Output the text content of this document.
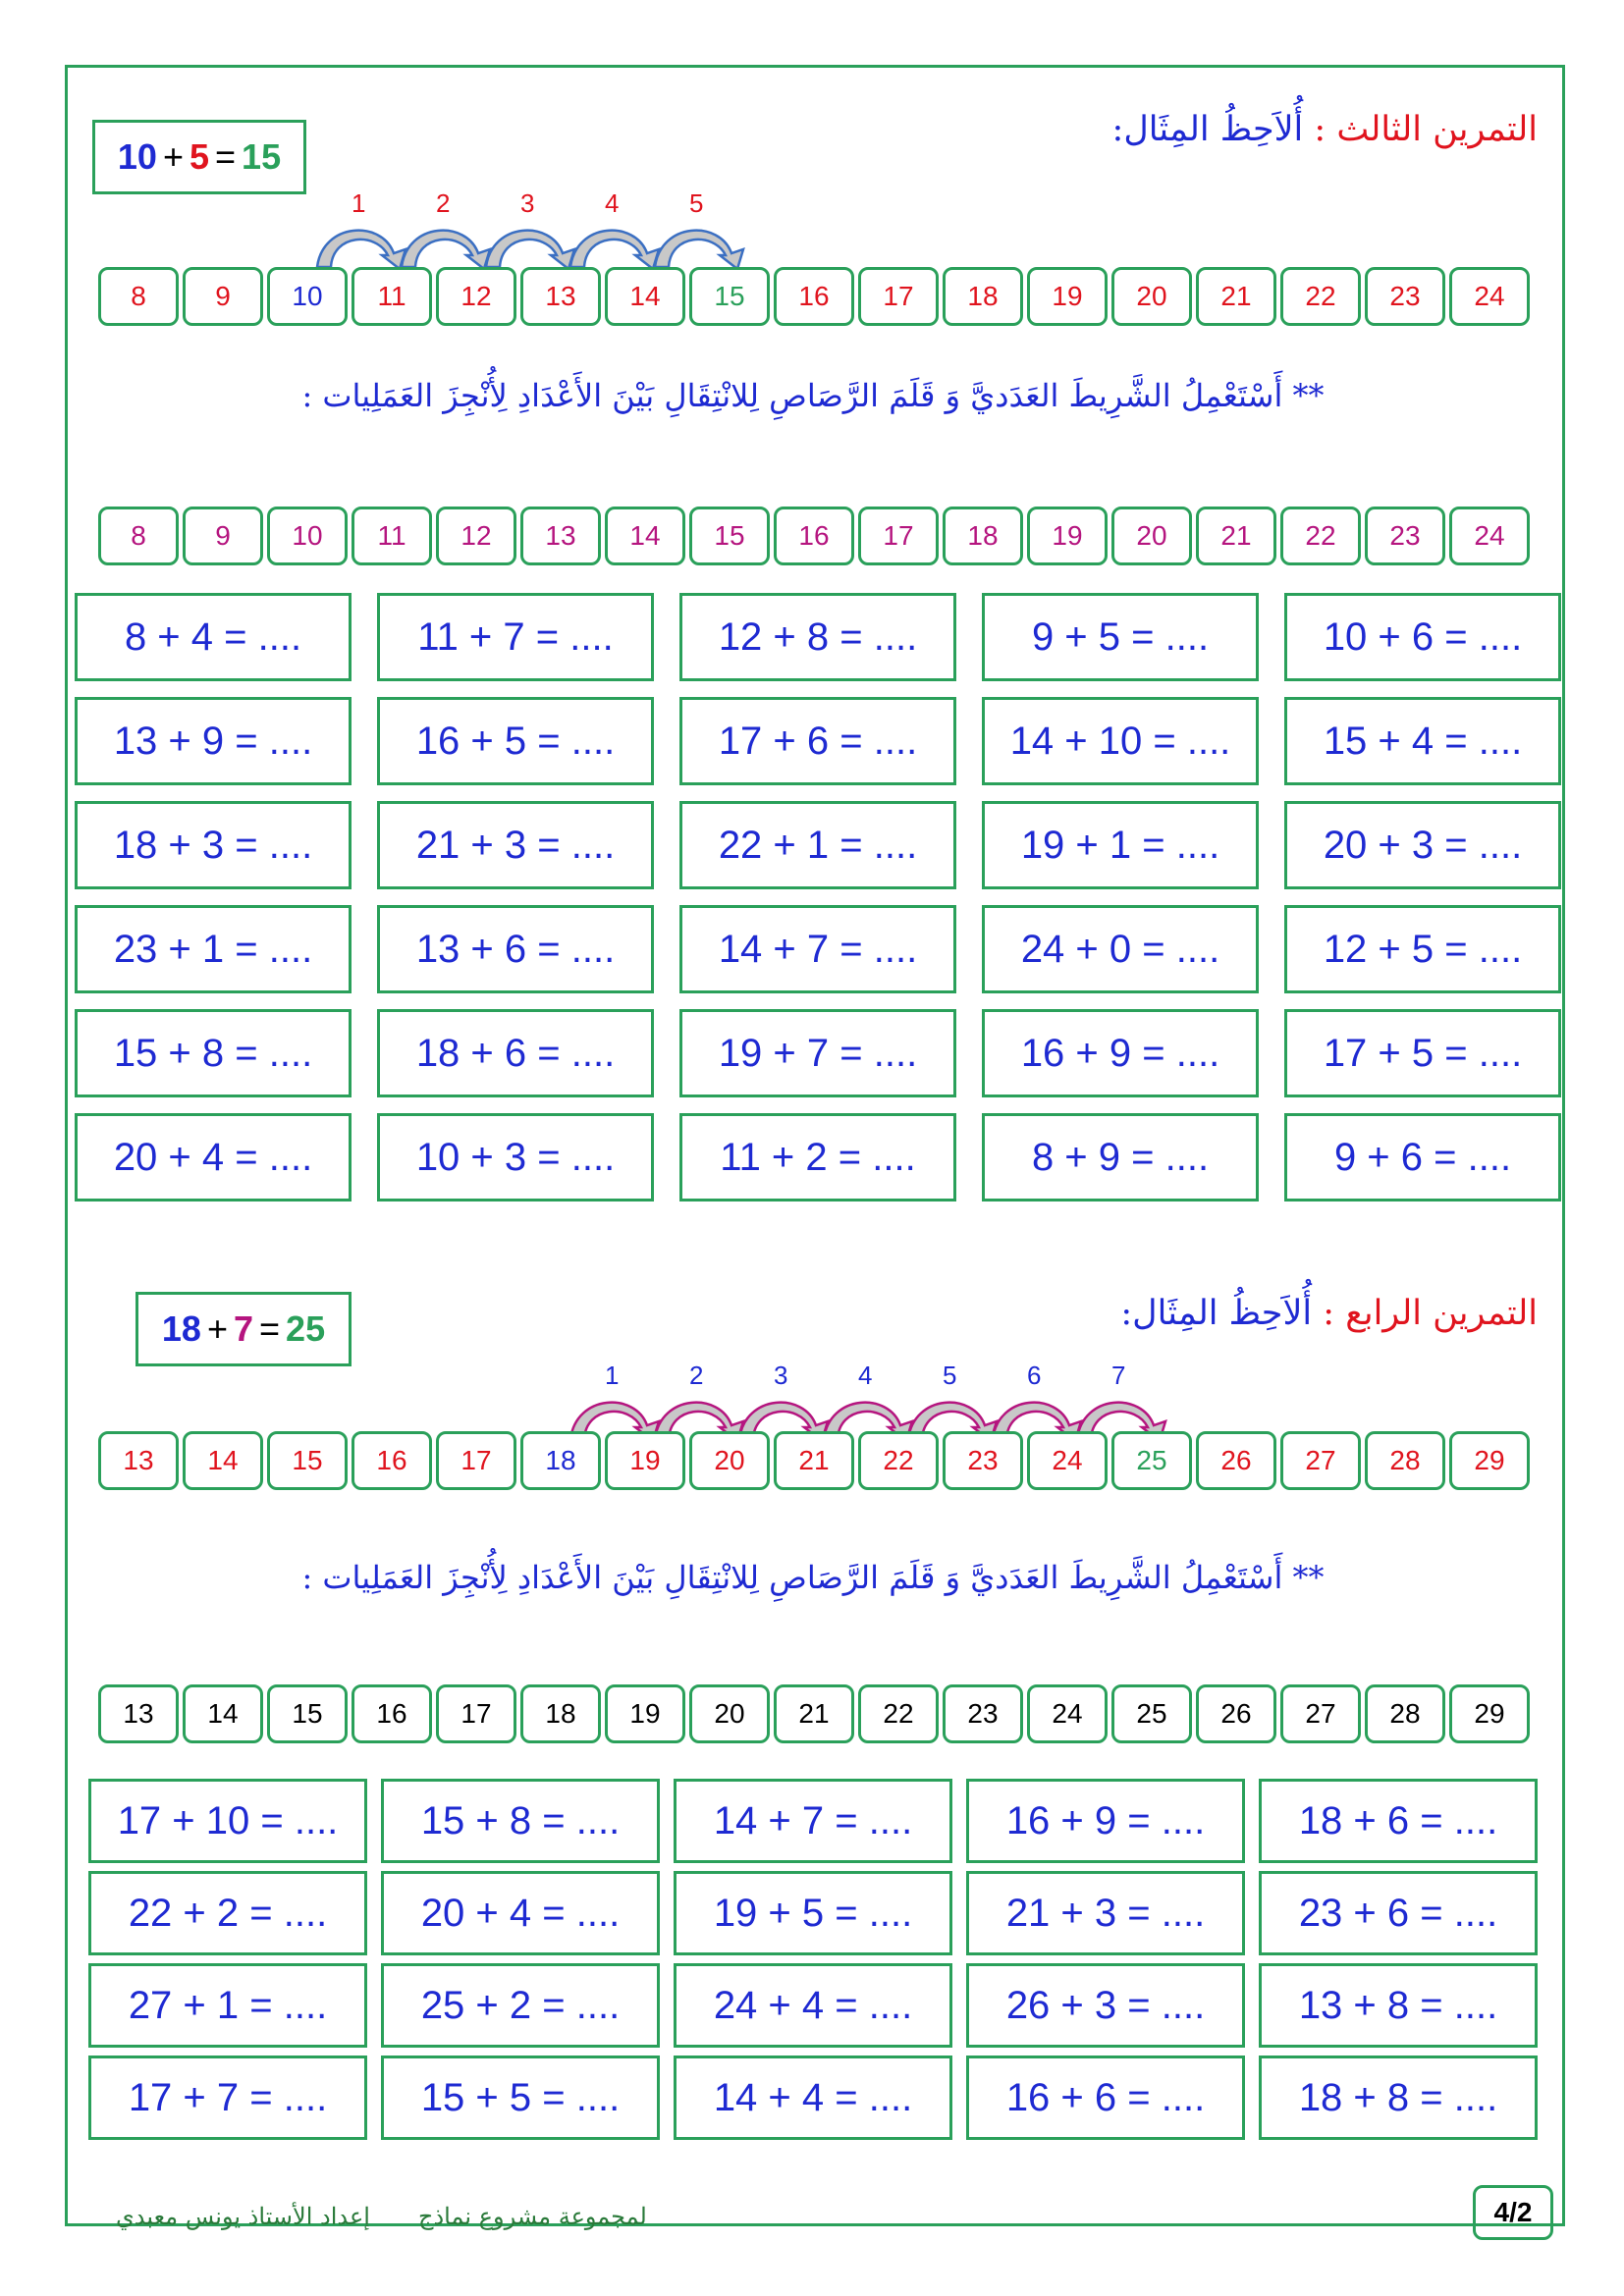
التمرين الثالث : أُلاَحِظُ المِثَال:
10 + 5 = 15
1	2	3	4	5
8	9	10	11	12	13	14	15	16	17	18	19	20	21	22	23	24
** أَسْتَعْمِلُ الشَّرِيطَ العَدَديَّ وَ قَلَمَ الرَّصَاصِ لِلانْتِقَالِ بَيْنَ الأَعْدَادِ لِأُنْجِزَ العَمَلِيات :
8	9	10	11	12	13	14	15	16	17	18	19	20	21	22	23	24
8 + 4 = ....	11 + 7 = ....	12 + 8 = ....	9 + 5 = ....	10 + 6 = ....
13 + 9 = ....	16 + 5 = ....	17 + 6 = ....	14 + 10 = ....	15 + 4 = ....
18 + 3 = ....	21 + 3 = ....	22 + 1 = ....	19 + 1 = ....	20 + 3 = ....
23 + 1 = ....	13 + 6 = ....	14 + 7 = ....	24 + 0 = ....	12 + 5 = ....
15 + 8 = ....	18 + 6 = ....	19 + 7 = ....	16 + 9 = ....	17 + 5 = ....
20 + 4 = ....	10 + 3 = ....	11 + 2 = ....	8 + 9 = ....	9 + 6 = ....
التمرين الرابع : أُلاَحِظُ المِثَال:
18 + 7 = 25
1	2	3	4	5	6	7
13	14	15	16	17	18	19	20	21	22	23	24	25	26	27	28	29
** أَسْتَعْمِلُ الشَّرِيطَ العَدَديَّ وَ قَلَمَ الرَّصَاصِ لِلانْتِقَالِ بَيْنَ الأَعْدَادِ لِأُنْجِزَ العَمَلِيات :
13	14	15	16	17	18	19	20	21	22	23	24	25	26	27	28	29
17 + 10 = ....	15 + 8 = ....	14 + 7 = ....	16 + 9 = ....	18 + 6 = ....
22 + 2 = ....	20 + 4 = ....	19 + 5 = ....	21 + 3 = ....	23 + 6 = ....
27 + 1 = ....	25 + 2 = ....	24 + 4 = ....	26 + 3 = ....	13 + 8 = ....
17 + 7 = ....	15 + 5 = ....	14 + 4 = ....	16 + 6 = ....	18 + 8 = ....
إعداد الأستاذ يونس معبدي لمجموعة مشروع نماذج	4/2
